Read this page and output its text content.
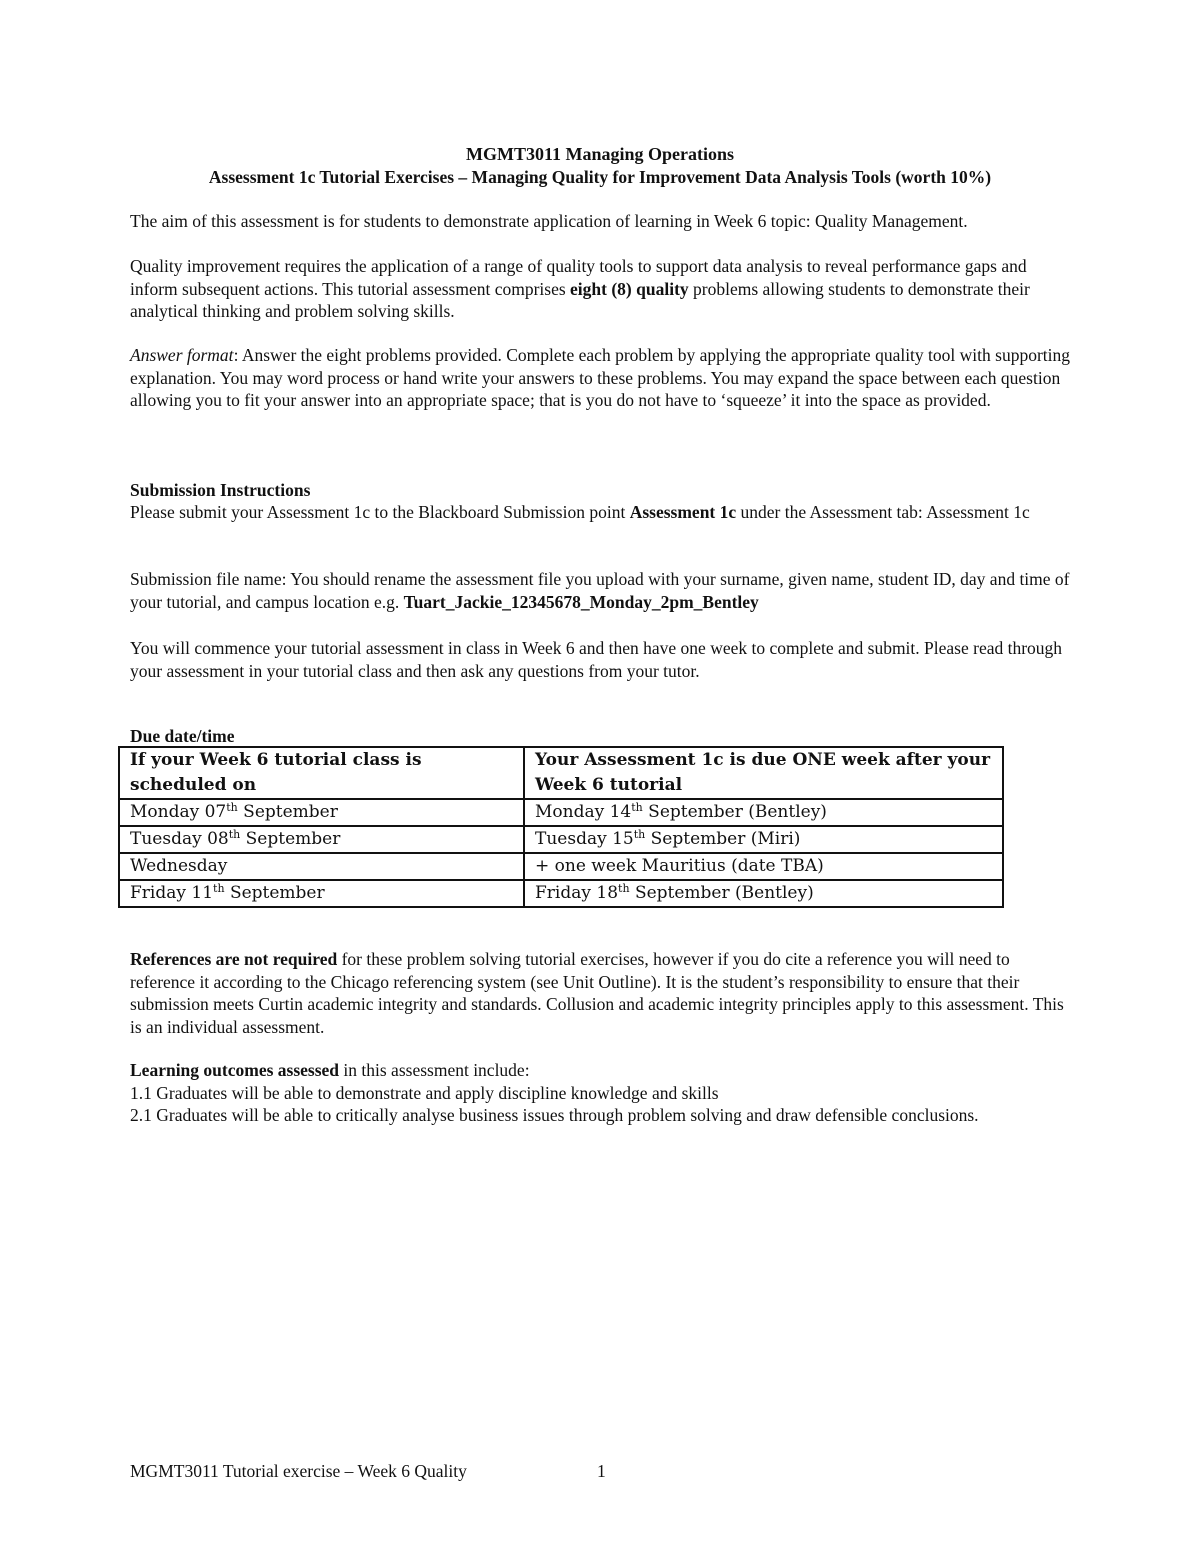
MGMT3011 Managing Operations
Assessment 1c Tutorial Exercises – Managing Quality for Improvement Data Analysis Tools (worth 10%)

The aim of this assessment is for students to demonstrate application of learning in Week 6 topic: Quality Management.

Quality improvement requires the application of a range of quality tools to support data analysis to reveal performance gaps and inform subsequent actions. This tutorial assessment comprises eight (8) quality problems allowing students to demonstrate their analytical thinking and problem solving skills.

Answer format: Answer the eight problems provided. Complete each problem by applying the appropriate quality tool with supporting explanation. You may word process or hand write your answers to these problems. You may expand the space between each question allowing you to fit your answer into an appropriate space; that is you do not have to ‘squeeze’ it into the space as provided.

Submission Instructions

Please submit your Assessment 1c to the Blackboard Submission point Assessment 1c under the Assessment tab: Assessment 1c

Submission file name: You should rename the assessment file you upload with your surname, given name, student ID, day and time of your tutorial, and campus location e.g. Tuart_Jackie_12345678_Monday_2pm_Bentley

You will commence your tutorial assessment in class in Week 6 and then have one week to complete and submit. Please read through your assessment in your tutorial class and then ask any questions from your tutor.

Due date/time

If your Week 6 tutorial class is scheduled on	Your Assessment 1c is due ONE week after your Week 6 tutorial
Monday 07th September	Monday 14th September (Bentley)
Tuesday 08th September	Tuesday 15th September (Miri)
Wednesday	+ one week Mauritius (date TBA)
Friday 11th September	Friday 18th September (Bentley)

References are not required for these problem solving tutorial exercises, however if you do cite a reference you will need to reference it according to the Chicago referencing system (see Unit Outline). It is the student’s responsibility to ensure that their submission meets Curtin academic integrity and standards. Collusion and academic integrity principles apply to this assessment. This is an individual assessment.

Learning outcomes assessed in this assessment include:
1.1 Graduates will be able to demonstrate and apply discipline knowledge and skills
2.1 Graduates will be able to critically analyse business issues through problem solving and draw defensible conclusions.
MGMT3011 Tutorial exercise – Week 6 Quality	1
